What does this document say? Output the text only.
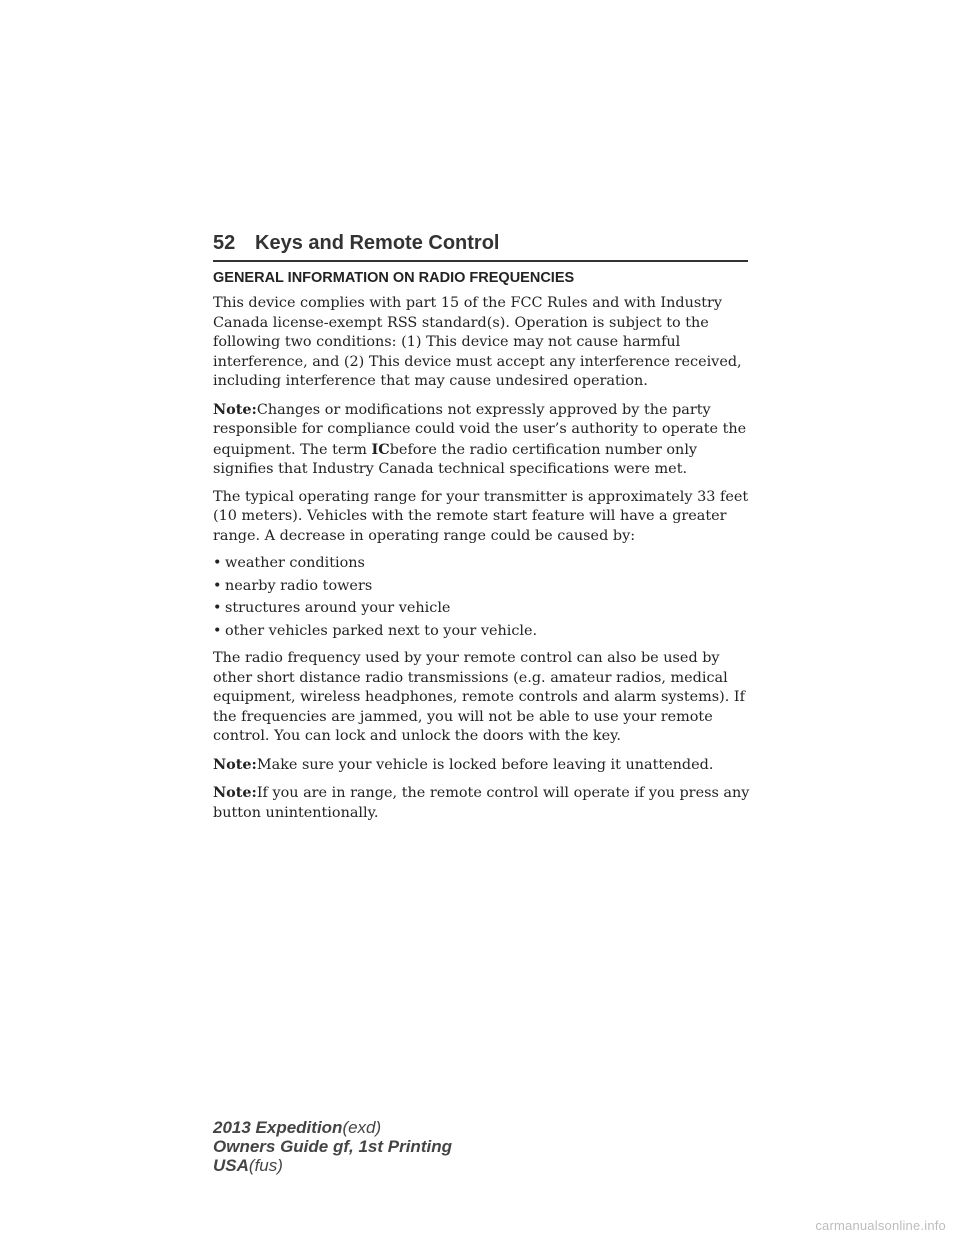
52 Keys and Remote Control
GENERAL INFORMATION ON RADIO FREQUENCIES

This device complies with part 15 of the FCC Rules and with Industry Canada license-exempt RSS standard(s). Operation is subject to the following two conditions: (1) This device may not cause harmful interference, and (2) This device must accept any interference received, including interference that may cause undesired operation.

Note:Changes or modifications not expressly approved by the party responsible for compliance could void the user’s authority to operate the equipment. The term ICbefore the radio certification number only signifies that Industry Canada technical specifications were met.

The typical operating range for your transmitter is approximately 33 feet (10 meters). Vehicles with the remote start feature will have a greater range. A decrease in operating range could be caused by:

• weather conditions
• nearby radio towers
• structures around your vehicle
• other vehicles parked next to your vehicle.

The radio frequency used by your remote control can also be used by other short distance radio transmissions (e.g. amateur radios, medical equipment, wireless headphones, remote controls and alarm systems). If the frequencies are jammed, you will not be able to use your remote control. You can lock and unlock the doors with the key.

Note:Make sure your vehicle is locked before leaving it unattended.

Note:If you are in range, the remote control will operate if you press any button unintentionally.

2013 Expedition(exd)
Owners Guide gf, 1st Printing
USA(fus)
carmanualsonline.info
